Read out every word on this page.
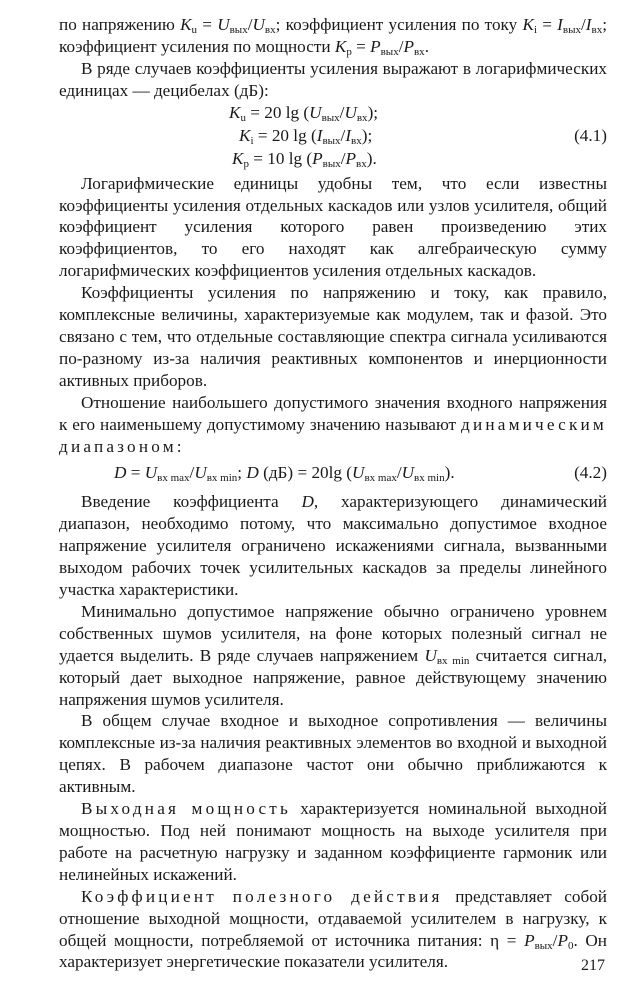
по напряжению $K_u = U_{вых}/U_{вх}$; коэффициент усиления по току $K_i = I_{вых}/I_{вх}$; коэффициент усиления по мощности $K_p = P_{вых}/P_{вх}$.

В ряде случаев коэффициенты усиления выражают в логарифмических единицах — децибелах (дБ):

$K_u = 20$ $\lg (U_{вых}/U_{вх})$;
$K_i = 20$ $\lg (I_{вых}/I_{вх})$;
$K_p = 10$ $\lg (P_{вых}/P_{вх})$.
(4.1)

Логарифмические единицы удобны тем, что если известны коэффициенты усиления отдельных каскадов или узлов усилителя, общий коэффициент усиления которого равен произведению этих коэффициентов, то его находят как алгебраическую сумму логарифмических коэффициентов усиления отдельных каскадов.

Коэффициенты усиления по напряжению и току, как правило, комплексные величины, характеризуемые как модулем, так и фазой. Это связано с тем, что отдельные составляющие спектра сигнала усиливаются по-разному из-за наличия реактивных компонентов и инерционности активных приборов.

Отношение наибольшего допустимого значения входного напряжения к его наименьшему допустимому значению называют динамическим диапазоном:

$D = U_{вх max}/U_{вх min}$; D (дБ) = 20lg $(U_{вх max}/U_{вх min})$.	(4.2)

Введение коэффициента D, характеризующего динамический диапазон, необходимо потому, что максимально допустимое входное напряжение усилителя ограничено искажениями сигнала, вызванными выходом рабочих точек усилительных каскадов за пределы линейного участка характеристики.

Минимально допустимое напряжение обычно ограничено уровнем собственных шумов усилителя, на фоне которых полезный сигнал не удается выделить. В ряде случаев напряжением $U_{вх min}$ считается сигнал, который дает выходное напряжение, равное действующему значению напряжения шумов усилителя.

В общем случае входное и выходное сопротивления — величины комплексные из-за наличия реактивных элементов во входной и выходной цепях. В рабочем диапазоне частот они обычно приближаются к активным.

Выходная мощность характеризуется номинальной выходной мощностью. Под ней понимают мощность на выходе усилителя при работе на расчетную нагрузку и заданном коэффициенте гармоник или нелинейных искажений.

Коэффициент полезного действия представляет собой отношение выходной мощности, отдаваемой усилителем в нагрузку, к общей мощности, потребляемой от источника питания: $\eta = P_{вых}/P_0$. Он характеризует энергетические показатели усилителя.	217
